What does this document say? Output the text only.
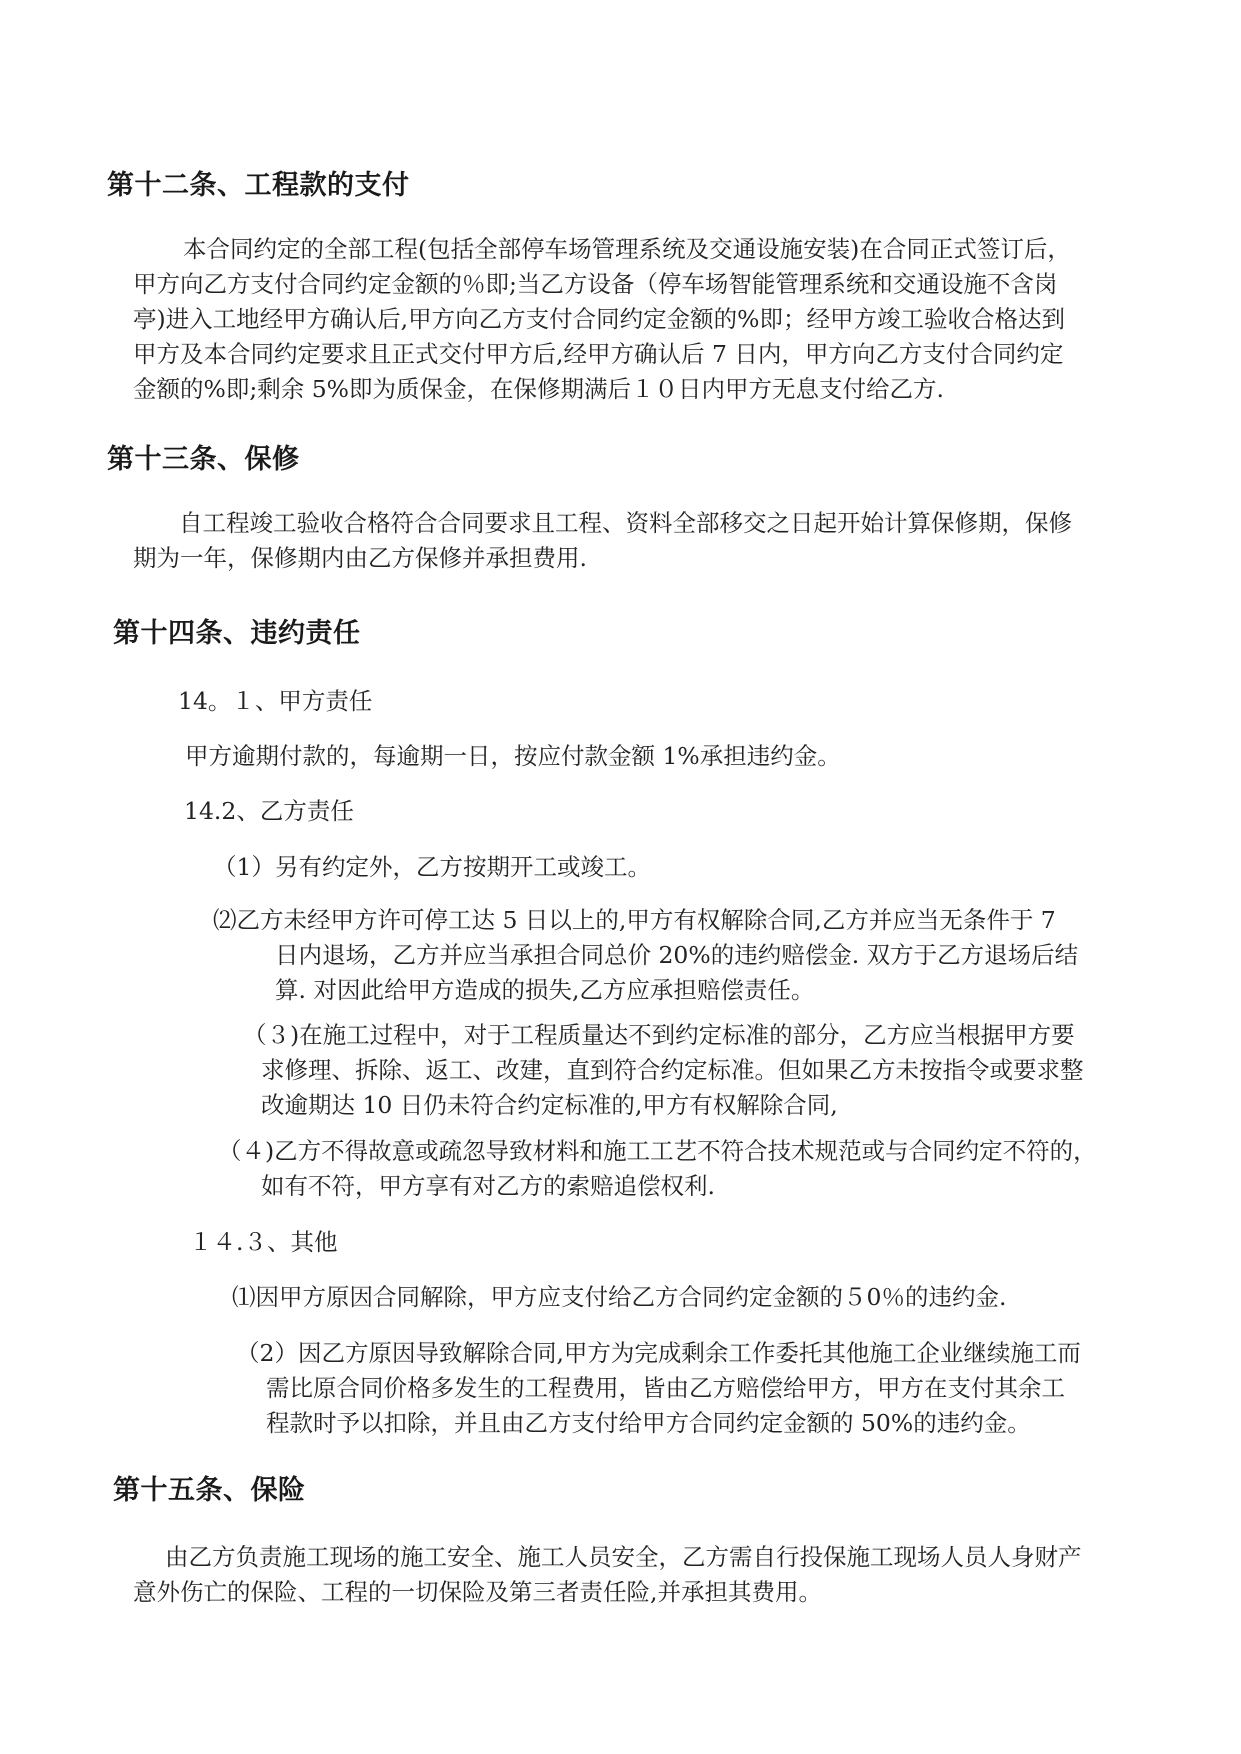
第十二条、工程款的支付
本合同约定的全部工程(包括全部停车场管理系统及交通设施安装)在合同正式签订后，
甲方向乙方支付合同约定金额的％即;当乙方设备（停车场智能管理系统和交通设施不含岗
亭)进入工地经甲方确认后,甲方向乙方支付合同约定金额的%即；经甲方竣工验收合格达到
甲方及本合同约定要求且正式交付甲方后,经甲方确认后 7 日内，甲方向乙方支付合同约定
金额的%即;剩余 5%即为质保金，在保修期满后１０日内甲方无息支付给乙方.
第十三条、保修
自工程竣工验收合格符合合同要求且工程、资料全部移交之日起开始计算保修期，保修
期为一年，保修期内由乙方保修并承担费用.
第十四条、违约责任
14。１、甲方责任
甲方逾期付款的，每逾期一日，按应付款金额 1%承担违约金。
14.2、乙方责任
（1）另有约定外，乙方按期开工或竣工。
⑵乙方未经甲方许可停工达 5 日以上的,甲方有权解除合同,乙方并应当无条件于 7
日内退场，乙方并应当承担合同总价 20%的违约赔偿金. 双方于乙方退场后结
算. 对因此给甲方造成的损失,乙方应承担赔偿责任。
（３)在施工过程中，对于工程质量达不到约定标准的部分，乙方应当根据甲方要
求修理、拆除、返工、改建，直到符合约定标准。但如果乙方未按指令或要求整
改逾期达 10 日仍未符合约定标准的,甲方有权解除合同,
（４)乙方不得故意或疏忽导致材料和施工工艺不符合技术规范或与合同约定不符的，
如有不符，甲方享有对乙方的索赔追偿权利.
１４.３、其他
⑴因甲方原因合同解除，甲方应支付给乙方合同约定金额的５0％的违约金.
（2）因乙方原因导致解除合同,甲方为完成剩余工作委托其他施工企业继续施工而
需比原合同价格多发生的工程费用，皆由乙方赔偿给甲方，甲方在支付其余工
程款时予以扣除，并且由乙方支付给甲方合同约定金额的 50%的违约金。
第十五条、保险
由乙方负责施工现场的施工安全、施工人员安全，乙方需自行投保施工现场人员人身财产
意外伤亡的保险、工程的一切保险及第三者责任险,并承担其费用。
